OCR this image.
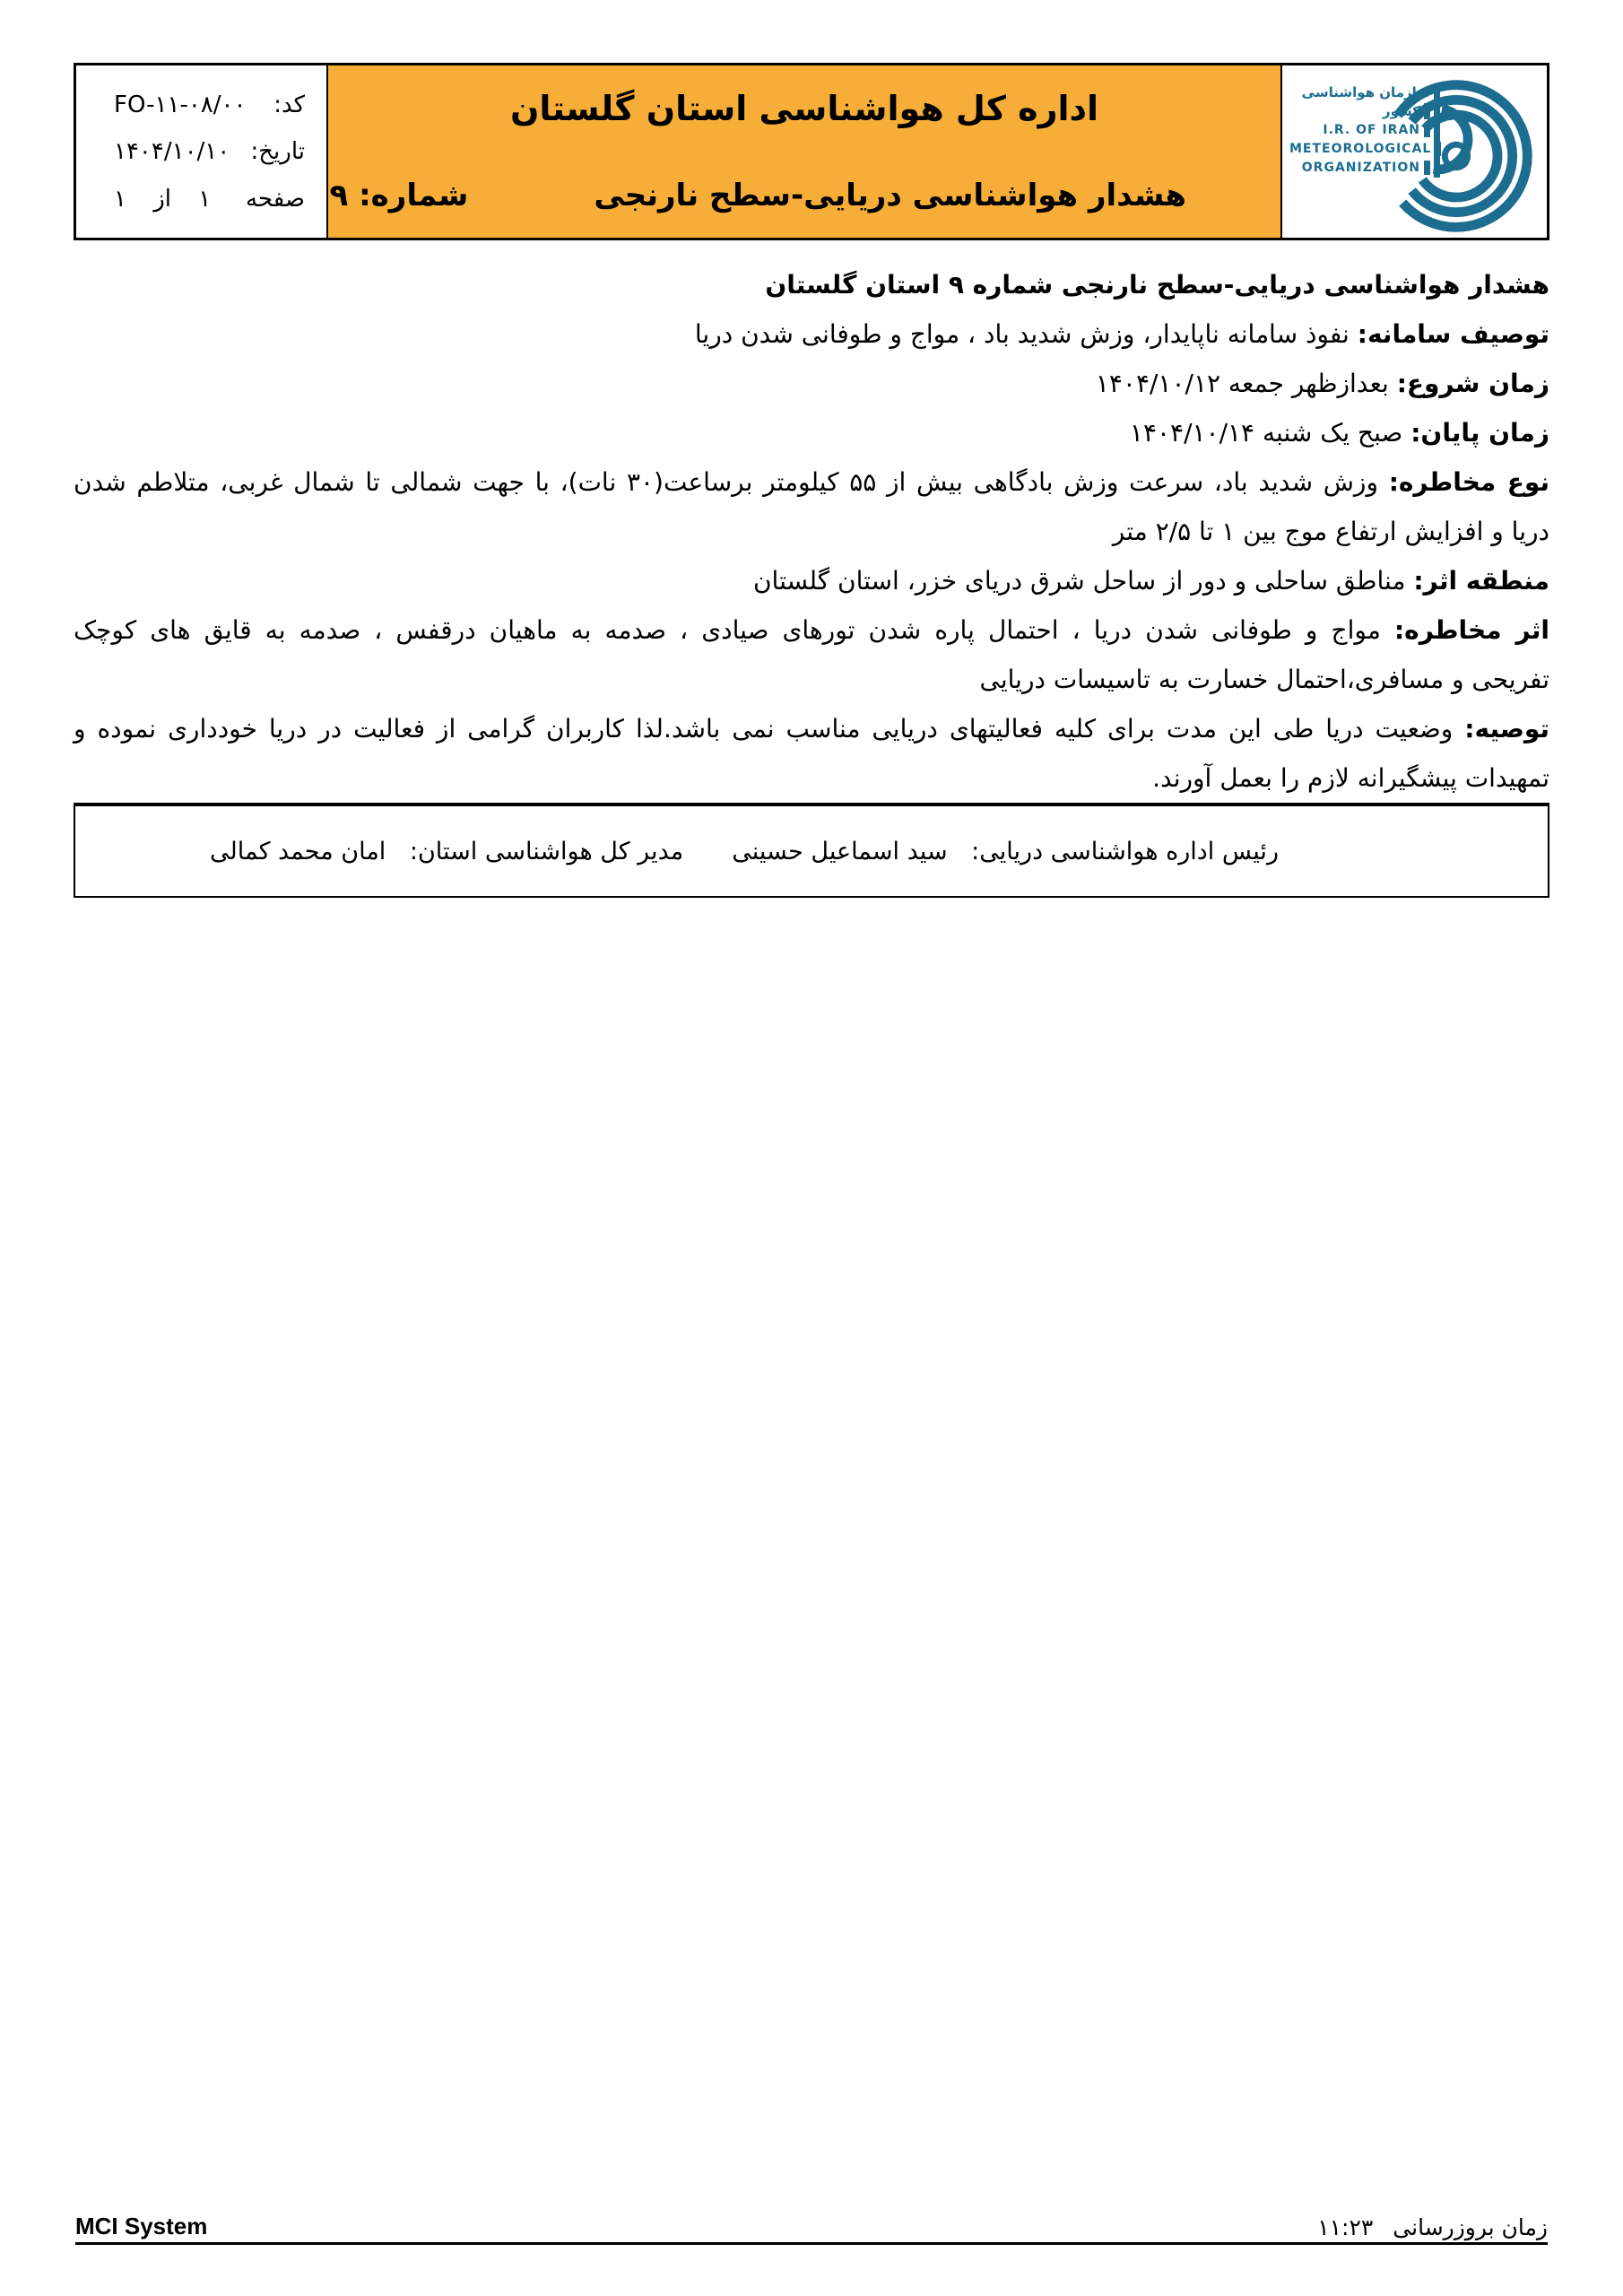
کد:
FO-۱۱-۰۸/۰۰
تاریخ:
۱۴۰۴/۱۰/۱۰
صفحه
۱ از ۱
اداره کل هواشناسی استان گلستان
هشدار هواشناسی دریایی-سطح نارنجی
شماره: ۹
سازمان هواشناسی کشور
I.R. OF IRAN
METEOROLOGICAL
ORGANIZATION

هشدار هواشناسی دریایی-سطح نارنجی شماره ۹ استان گلستان

توصیف سامانه: نفوذ سامانه ناپایدار، وزش شدید باد ، مواج و طوفانی شدن دریا

زمان شروع: بعدازظهر جمعه ۱۴۰۴/۱۰/۱۲

زمان پایان: صبح یک شنبه ۱۴۰۴/۱۰/۱۴

نوع مخاطره: وزش شدید باد، سرعت وزش بادگاهی بیش از ۵۵ کیلومتر برساعت(۳۰ نات)، با جهت شمالی تا شمال غربی، متلاطم شدن

دریا و افزایش ارتفاع موج بین ۱ تا ۲/۵ متر

منطقه اثر: مناطق ساحلی و دور از ساحل شرق دریای خزر، استان گلستان

اثر مخاطره: مواج و طوفانی شدن دریا ، احتمال پاره شدن تورهای صیادی ، صدمه به ماهیان درقفس ، صدمه به قایق های کوچک

تفریحی و مسافری،احتمال خسارت به تاسیسات دریایی

توصیه: وضعیت دریا طی این مدت برای کلیه فعالیتهای دریایی مناسب نمی باشد.لذا کاربران گرامی از فعالیت در دریا خودداری نموده و

تمهیدات پیشگیرانه لازم را بعمل آورند.

رئیس اداره هواشناسی دریایی: سید اسماعیل حسینی
مدیر کل هواشناسی استان: امان محمد کمالی
MCI System	زمان بروزرسانی ۱۱:۲۳
